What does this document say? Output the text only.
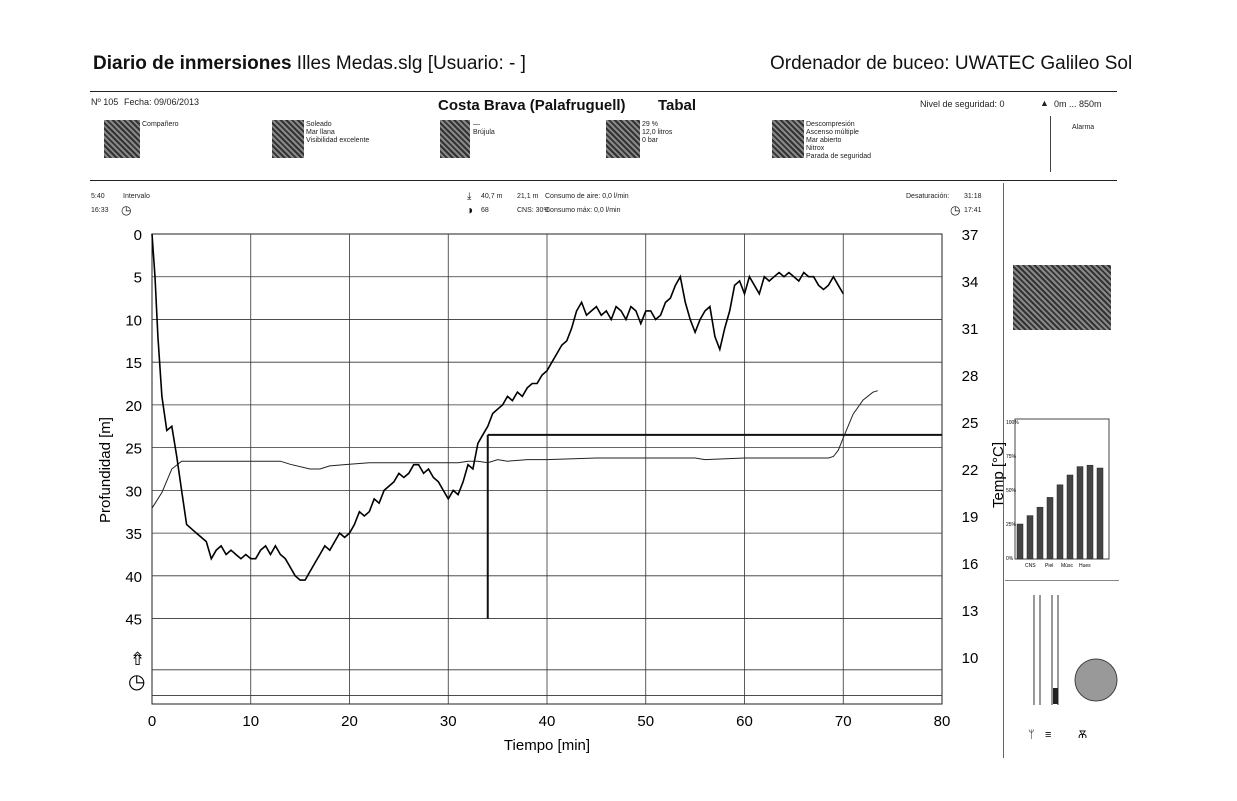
Diario de inmersiones Illes Medas.slg [Usuario: - ]	Ordenador de buceo: UWATEC Galileo Sol
Nº 105 Fecha: 09/06/2013	Costa Brava (Palafruguell) Tabal	Nivel de seguridad: 0	▲ 0m ... 850m
Compañero	Soleado
Mar llana
Visibilidad excelente
—
Brújula
29 %
12,0 litros
0 bar
Descompresión
Ascenso múltiple
Mar abierto
Nitrox
Parada de seguridad
Alarma
5:40
16:33
Intervalo
◷
⤓ 40,7 m 21,1 m
◑ 68	CNS: 30%
Consumo de aire: 0,0 l/min
Consumo máx: 0,0 l/min
Desaturación: 31:18
◷ 17:41
100%
75%
50%
25%
0%
CNS Piel Músc Hues
ᛘ ≡ Ѫ
0	10	20	30	40	50	60	70	80
0
5
10
15
20
25
30
35
40
45
37
34
31
28
25
22
19
16
13
10
⇮
◷
Tiempo [min]
Profundidad [m]	Temp [°C]
